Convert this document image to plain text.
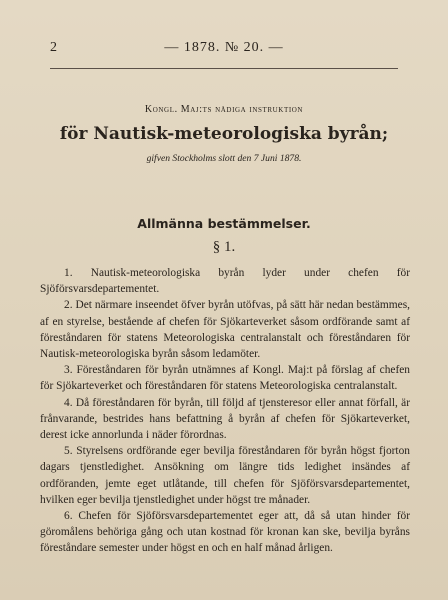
2	— 1878. № 20. —
Kongl. Maj:ts nådiga instruktion
för Nautisk-meteorologiska byrån;
gifven Stockholms slott den 7 Juni 1878.
Allmänna bestämmelser.
§ 1.

1. Nautisk-meteorologiska byrån lyder under chefen för Sjöförsvarsdepartementet.

2. Det närmare inseendet öfver byrån utöfvas, på sätt här nedan bestämmes, af en styrelse, bestående af chefen för Sjökarteverket såsom ordförande samt af föreståndaren för statens Meteorologiska centralanstalt och föreståndaren för Nautisk-meteorologiska byrån såsom ledamöter.

3. Föreståndaren för byrån utnämnes af Kongl. Maj:t på förslag af chefen för Sjökarteverket och föreståndaren för statens Meteorologiska centralanstalt.

4. Då föreståndaren för byrån, till följd af tjensteresor eller annat förfall, är frånvarande, bestrides hans befattning å byrån af chefen för Sjökarteverket, derest icke annorlunda i näder förordnas.

5. Styrelsens ordförande eger bevilja föreståndaren för byrån högst fjorton dagars tjenstledighet. Ansökning om längre tids ledighet insändes af ordföranden, jemte eget utlåtande, till chefen för Sjöförsvarsdepartementet, hvilken eger bevilja tjenstledighet under högst tre månader.

6. Chefen för Sjöförsvarsdepartementet eger att, då så utan hinder för göromålens behöriga gång och utan kostnad för kronan kan ske, bevilja byråns föreståndare semester under högst en och en half månad årligen.
